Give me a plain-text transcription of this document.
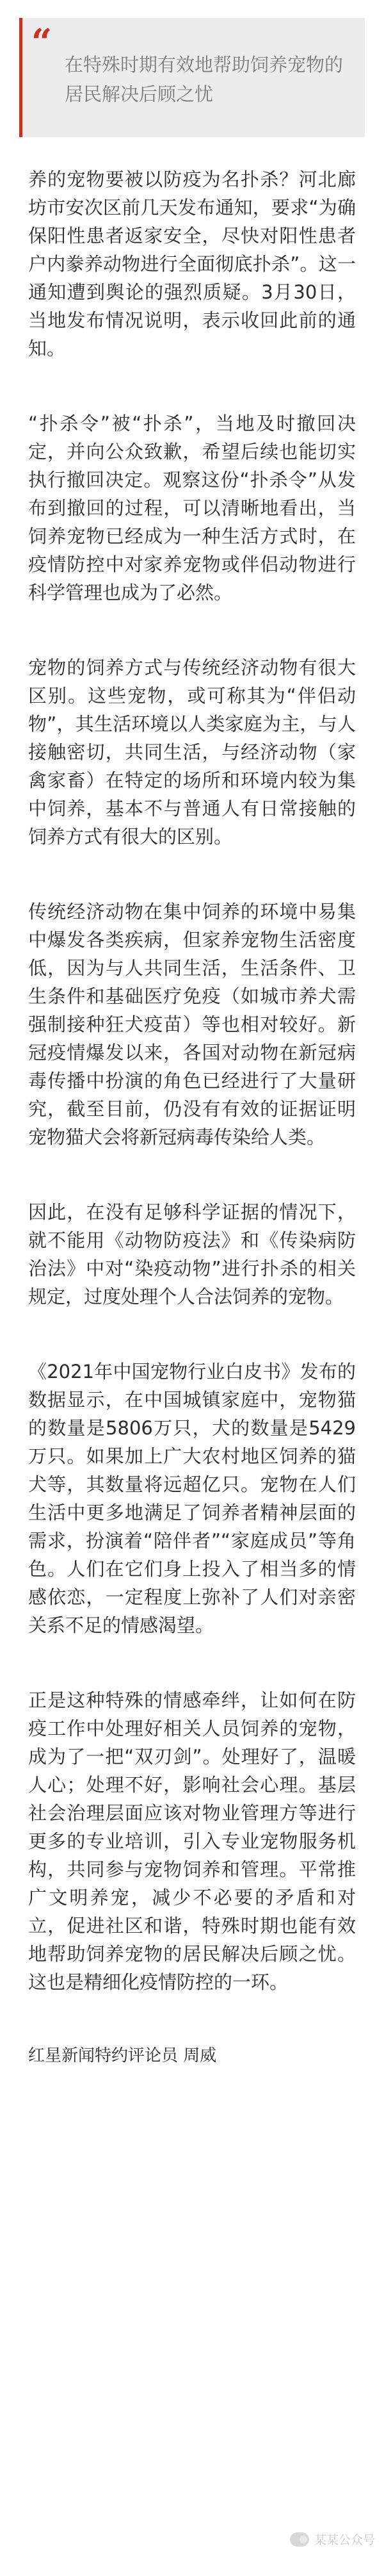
“
在特殊时期有效地帮助饲养宠物的居民解决后顾之忧

养的宠物要被以防疫为名扑杀？河北廊坊市安次区前几天发布通知，要求“为确保阳性患者返家安全，尽快对阳性患者户内豢养动物进行全面彻底扑杀”。这一通知遭到舆论的强烈质疑。3月30日，当地发布情况说明，表示收回此前的通知。

“扑杀令”被“扑杀”，当地及时撤回决定，并向公众致歉，希望后续也能切实执行撤回决定。观察这份“扑杀令”从发布到撤回的过程，可以清晰地看出，当饲养宠物已经成为一种生活方式时，在疫情防控中对家养宠物或伴侣动物进行科学管理也成为了必然。

宠物的饲养方式与传统经济动物有很大区别。这些宠物，或可称其为“伴侣动物”，其生活环境以人类家庭为主，与人接触密切，共同生活，与经济动物（家禽家畜）在特定的场所和环境内较为集中饲养，基本不与普通人有日常接触的饲养方式有很大的区别。

传统经济动物在集中饲养的环境中易集中爆发各类疾病，但家养宠物生活密度低，因为与人共同生活，生活条件、卫生条件和基础医疗免疫（如城市养犬需强制接种狂犬疫苗）等也相对较好。新冠疫情爆发以来，各国对动物在新冠病毒传播中扮演的角色已经进行了大量研究，截至目前，仍没有有效的证据证明宠物猫犬会将新冠病毒传染给人类。

因此，在没有足够科学证据的情况下，就不能用《动物防疫法》和《传染病防治法》中对“染疫动物”进行扑杀的相关规定，过度处理个人合法饲养的宠物。

《2021年中国宠物行业白皮书》发布的数据显示，在中国城镇家庭中，宠物猫的数量是5806万只，犬的数量是5429万只。如果加上广大农村地区饲养的猫犬等，其数量将远超亿只。宠物在人们生活中更多地满足了饲养者精神层面的需求，扮演着“陪伴者”“家庭成员”等角色。人们在它们身上投入了相当多的情感依恋，一定程度上弥补了人们对亲密关系不足的情感渴望。

正是这种特殊的情感牵绊，让如何在防疫工作中处理好相关人员饲养的宠物，成为了一把“双刃剑”。处理好了，温暖人心；处理不好，影响社会心理。基层社会治理层面应该对物业管理方等进行更多的专业培训，引入专业宠物服务机构，共同参与宠物饲养和管理。平常推广文明养宠，减少不必要的矛盾和对立，促进社区和谐，特殊时期也能有效地帮助饲养宠物的居民解决后顾之忧。这也是精细化疫情防控的一环。

红星新闻特约评论员 周威

某某公众号
